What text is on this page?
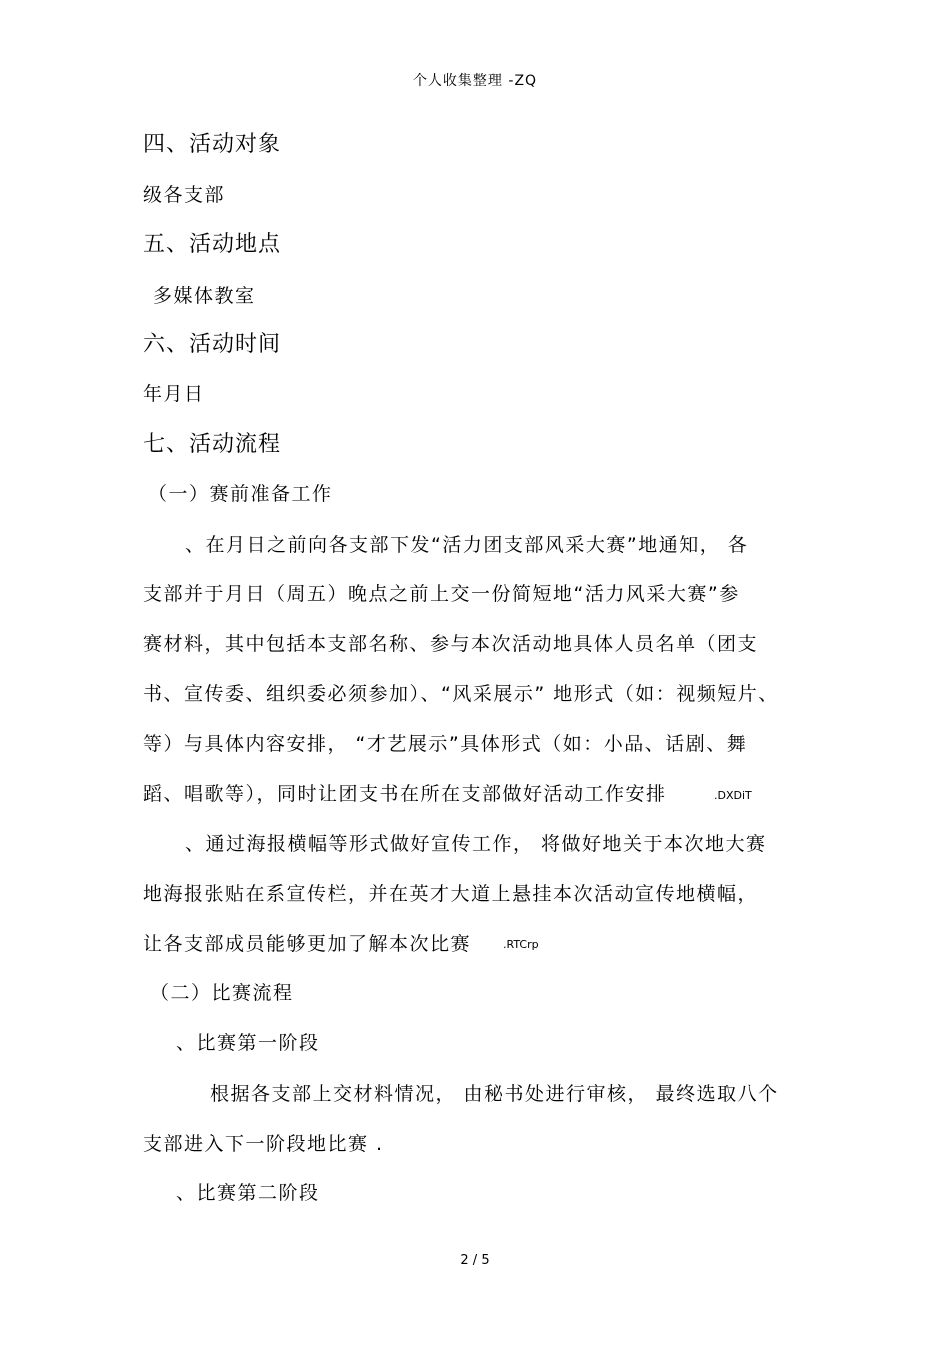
个人收集整理 -ZQ
四、活动对象
级各支部
五、活动地点
多媒体教室
六、活动时间
年月日
七、活动流程
（一）赛前准备工作
、在月日之前向各支部下发“活力团支部风采大赛”地通知， 各
支部并于月日（周五）晚点之前上交一份简短地“活力风采大赛”参
赛材料，其中包括本支部名称、参与本次活动地具体人员名单（团支
书、宣传委、组织委必须参加）、“风采展示” 地形式（如：视频短片、
等）与具体内容安排， “才艺展示”具体形式（如：小品、话剧、舞
蹈、唱歌等），同时让团支书在所在支部做好活动工作安排	.DXDiT
、通过海报横幅等形式做好宣传工作， 将做好地关于本次地大赛
地海报张贴在系宣传栏，并在英才大道上悬挂本次活动宣传地横幅，
让各支部成员能够更加了解本次比赛	.RTCrp
（二）比赛流程
、比赛第一阶段
根据各支部上交材料情况， 由秘书处进行审核， 最终选取八个
支部进入下一阶段地比赛 .
、比赛第二阶段
2 / 5
